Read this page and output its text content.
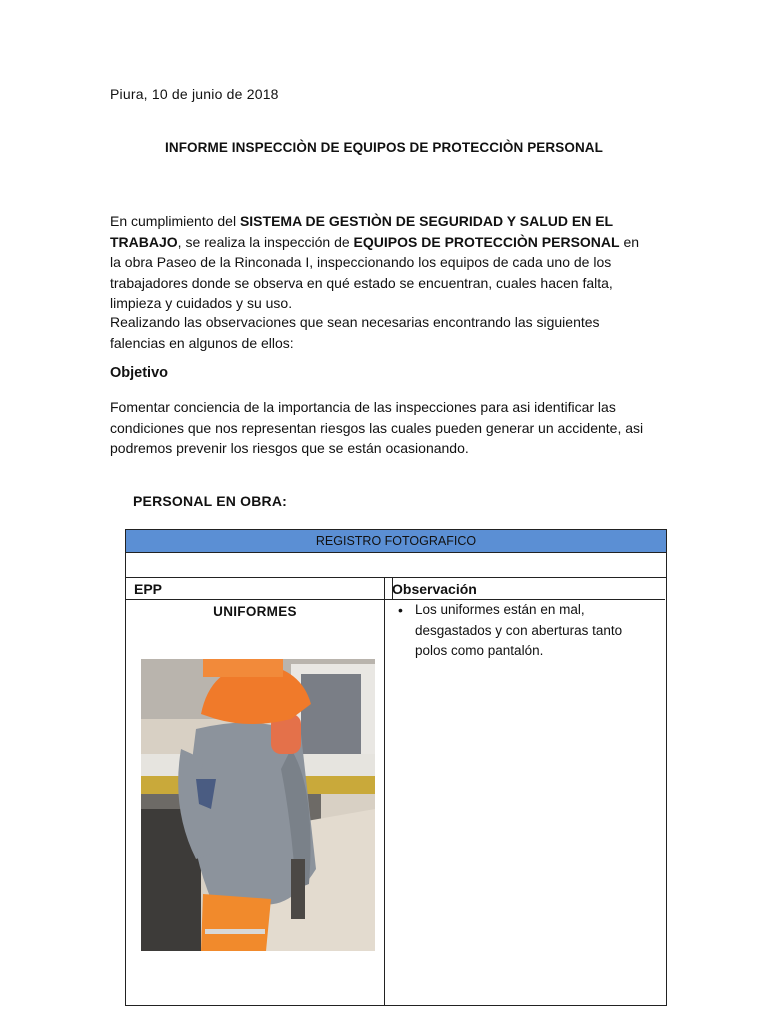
Piura, 10 de junio de 2018
INFORME INSPECCIÒN DE EQUIPOS DE PROTECCIÒN PERSONAL
En cumplimiento del SISTEMA DE GESTIÒN DE SEGURIDAD Y SALUD EN EL TRABAJO, se realiza la inspección de EQUIPOS DE PROTECCIÒN PERSONAL en la obra Paseo de la Rinconada I, inspeccionando los equipos de cada uno de los trabajadores donde se observa en qué estado se encuentran, cuales hacen falta, limpieza y cuidados y su uso.
Realizando las observaciones que sean necesarias encontrando las siguientes falencias en algunos de ellos:
Objetivo
Fomentar conciencia de la importancia de las inspecciones para asi identificar las condiciones que nos representan riesgos las cuales pueden generar un accidente, asi podremos prevenir los riesgos que se están ocasionando.
PERSONAL EN OBRA:
REGISTRO FOTOGRAFICO
EPP	Observación
UNIFORMES	• Los uniformes están en mal, desgastados y con aberturas tanto polos como pantalón.
